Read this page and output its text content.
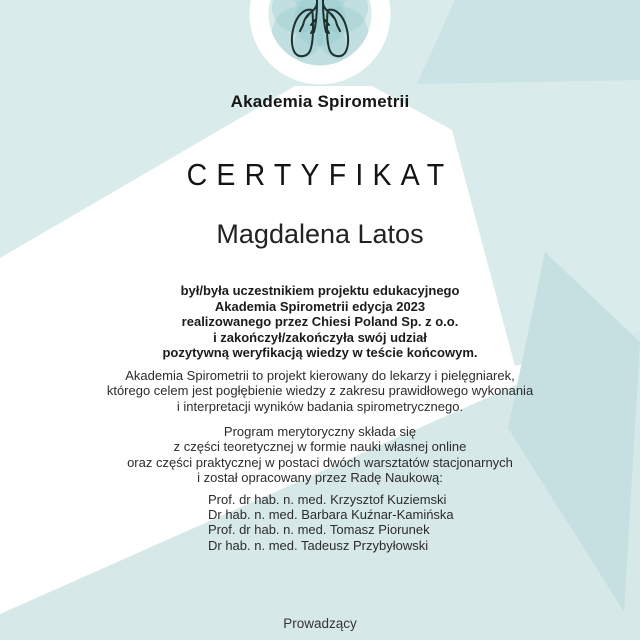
Akademia Spirometrii
CERTYFIKAT
Magdalena Latos
był/była uczestnikiem projektu edukacyjnego
Akademia Spirometrii edycja 2023
realizowanego przez Chiesi Poland Sp. z o.o.
i zakończył/zakończyła swój udział
pozytywną weryfikacją wiedzy w teście końcowym.
Akademia Spirometrii to projekt kierowany do lekarzy i pielęgniarek,
którego celem jest pogłębienie wiedzy z zakresu prawidłowego wykonania
i interpretacji wyników badania spirometrycznego.
Program merytoryczny składa się
z części teoretycznej w formie nauki własnej online
oraz części praktycznej w postaci dwóch warsztatów stacjonarnych
i został opracowany przez Radę Naukową:
Prof. dr hab. n. med. Krzysztof Kuziemski
Dr hab. n. med. Barbara Kuźnar-Kamińska
Prof. dr hab. n. med. Tomasz Piorunek
Dr hab. n. med. Tadeusz Przybyłowski
Prowadzący
